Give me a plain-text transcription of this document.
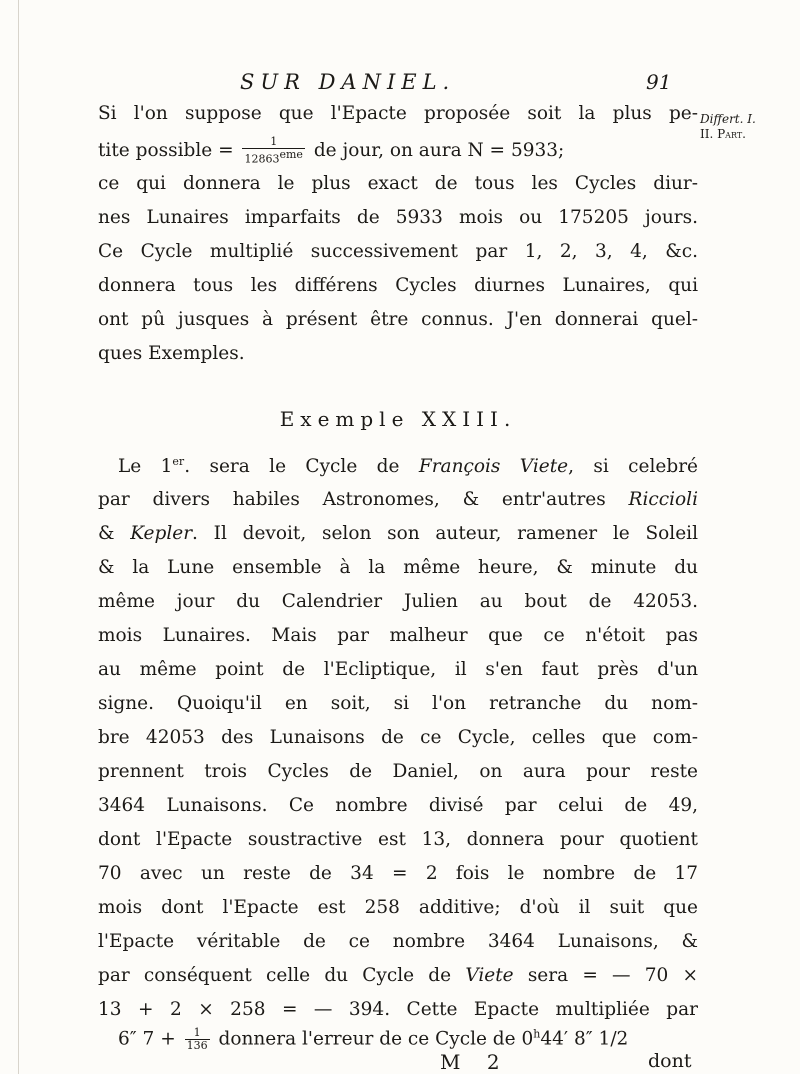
SUR DANIEL.	91
Differt. I.
II. Part.
Si l'on suppose que l'Epacte proposée soit la plus pe-
tite possible = $\frac{1}{\text{12863eme}}$ de jour, on aura N = 5933;
ce qui donnera le plus exact de tous les Cycles diur-
nes Lunaires imparfaits de 5933 mois ou 175205 jours.
Ce Cycle multiplié successivement par 1, 2, 3, 4, &c.
donnera tous les différens Cycles diurnes Lunaires, qui
ont pû jusques à présent être connus. J'en donnerai quel-
ques Exemples.
Exemple XXIII.
Le 1er. sera le Cycle de François Viete, si celebré
par divers habiles Astronomes, & entr'autres Riccioli
& Kepler. Il devoit, selon son auteur, ramener le Soleil
& la Lune ensemble à la même heure, & minute du
même jour du Calendrier Julien au bout de 42053.
mois Lunaires. Mais par malheur que ce n'étoit pas
au même point de l'Ecliptique, il s'en faut près d'un
signe. Quoiqu'il en soit, si l'on retranche du nom-
bre 42053 des Lunaisons de ce Cycle, celles que com-
prennent trois Cycles de Daniel, on aura pour reste
3464 Lunaisons. Ce nombre divisé par celui de 49,
dont l'Epacte soustractive est 13, donnera pour quotient
70 avec un reste de 34 = 2 fois le nombre de 17
mois dont l'Epacte est 258 additive; d'où il suit que
l'Epacte véritable de ce nombre 3464 Lunaisons, &
par conséquent celle du Cycle de Viete sera = — 70 ×
13 + 2 × 258 = — 394. Cette Epacte multipliée par
6″ $7 + \frac{1}{136}$ donnera l'erreur de ce Cycle de 0$^h$44′ 8″ 1/2
M 2	dont
